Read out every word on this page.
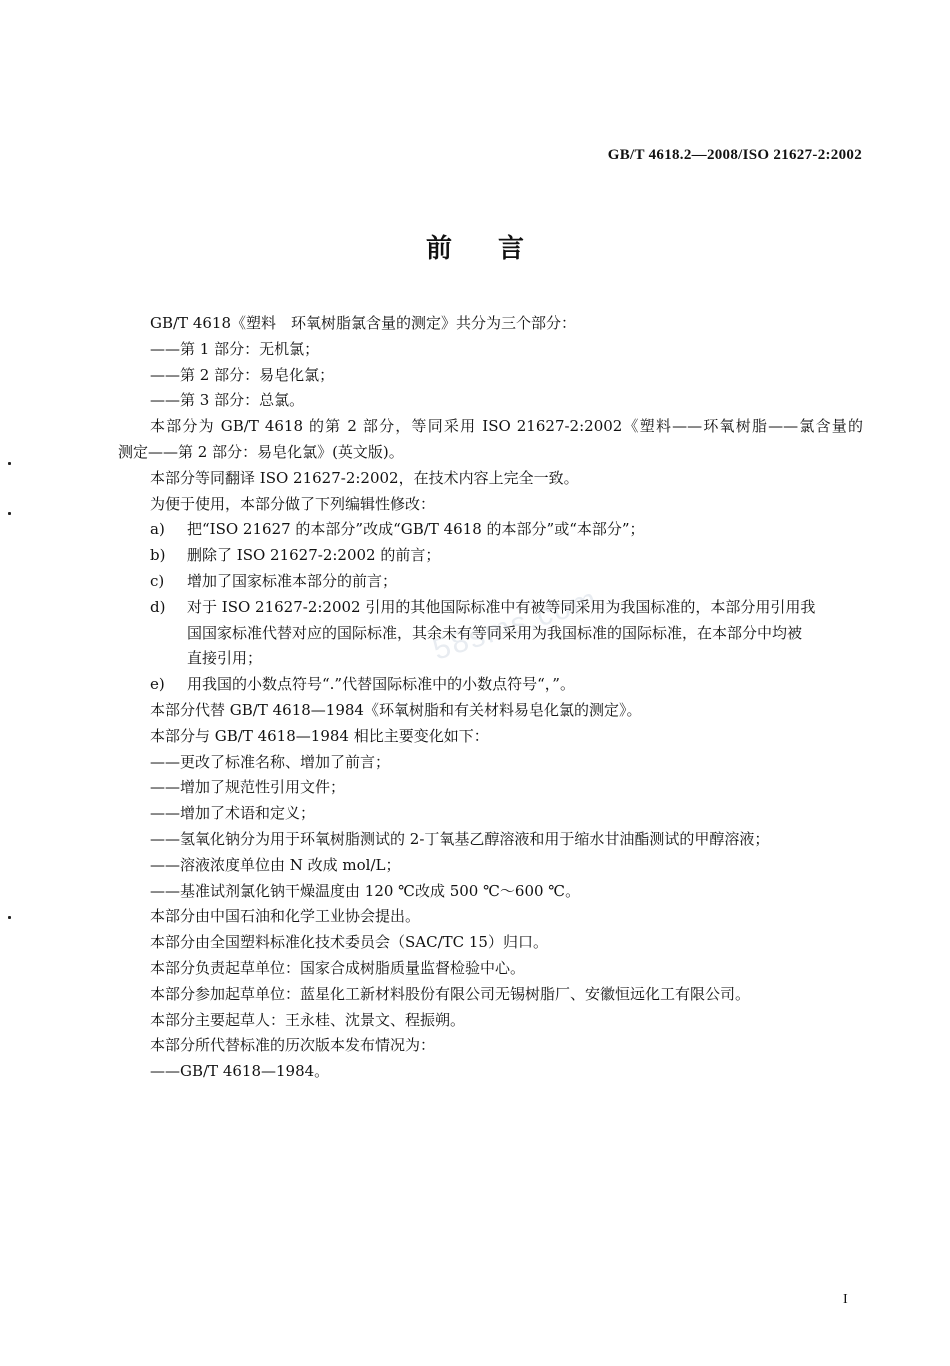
GB/T 4618.2—2008/ISO 21627-2:2002
前言
58sms.com

GB/T 4618《塑料　环氧树脂氯含量的测定》共分为三个部分：

——第 1 部分：无机氯；

——第 2 部分：易皂化氯；

——第 3 部分：总氯。

本部分为 GB/T 4618 的第 2 部分，等同采用 ISO 21627-2:2002《塑料——环氧树脂——氯含量的

测定——第 2 部分：易皂化氯》(英文版)。

本部分等同翻译 ISO 21627-2:2002，在技术内容上完全一致。

为便于使用，本部分做了下列编辑性修改：

a) 把“ISO 21627 的本部分”改成“GB/T 4618 的本部分”或“本部分”；

b) 删除了 ISO 21627-2:2002 的前言；

c) 增加了国家标准本部分的前言；

d) 对于 ISO 21627-2:2002 引用的其他国际标准中有被等同采用为我国标准的，本部分用引用我

国国家标准代替对应的国际标准，其余未有等同采用为我国标准的国际标准，在本部分中均被

直接引用；

e) 用我国的小数点符号“.”代替国际标准中的小数点符号“，”。

本部分代替 GB/T 4618—1984《环氧树脂和有关材料易皂化氯的测定》。

本部分与 GB/T 4618—1984 相比主要变化如下：

——更改了标准名称、增加了前言；

——增加了规范性引用文件；

——增加了术语和定义；

——氢氧化钠分为用于环氧树脂测试的 2-丁氧基乙醇溶液和用于缩水甘油酯测试的甲醇溶液；

——溶液浓度单位由 N 改成 mol/L；

——基准试剂氯化钠干燥温度由 120 ℃改成 500 ℃～600 ℃。

本部分由中国石油和化学工业协会提出。

本部分由全国塑料标准化技术委员会（SAC/TC 15）归口。

本部分负责起草单位：国家合成树脂质量监督检验中心。

本部分参加起草单位：蓝星化工新材料股份有限公司无锡树脂厂、安徽恒远化工有限公司。

本部分主要起草人：王永桂、沈景文、程振朔。

本部分所代替标准的历次版本发布情况为：

——GB/T 4618—1984。

I
